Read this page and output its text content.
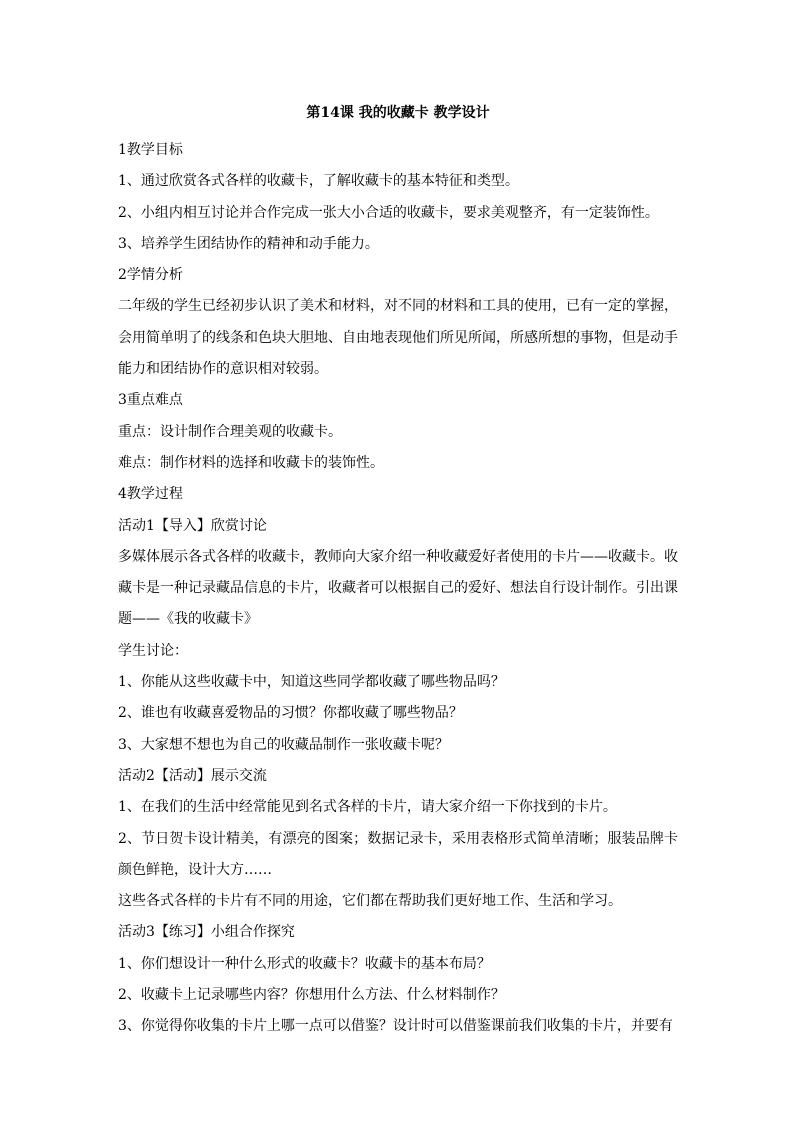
第14课 我的收藏卡 教学设计

1教学目标

1、通过欣赏各式各样的收藏卡，了解收藏卡的基本特征和类型。

2、小组内相互讨论并合作完成一张大小合适的收藏卡，要求美观整齐，有一定装饰性。

3、培养学生团结协作的精神和动手能力。

2学情分析

二年级的学生已经初步认识了美术和材料，对不同的材料和工具的使用，已有一定的掌握，会用简单明了的线条和色块大胆地、自由地表现他们所见所闻，所感所想的事物，但是动手能力和团结协作的意识相对较弱。

3重点难点

重点：设计制作合理美观的收藏卡。

难点：制作材料的选择和收藏卡的装饰性。

4教学过程

活动1【导入】欣赏讨论

多媒体展示各式各样的收藏卡，教师向大家介绍一种收藏爱好者使用的卡片——收藏卡。收藏卡是一种记录藏品信息的卡片，收藏者可以根据自己的爱好、想法自行设计制作。引出课题——《我的收藏卡》

学生讨论：

1、你能从这些收藏卡中，知道这些同学都收藏了哪些物品吗？

2、谁也有收藏喜爱物品的习惯？你都收藏了哪些物品？

3、大家想不想也为自己的收藏品制作一张收藏卡呢？

活动2【活动】展示交流

1、在我们的生活中经常能见到名式各样的卡片，请大家介绍一下你找到的卡片。

2、节日贺卡设计精美，有漂亮的图案；数据记录卡，采用表格形式简单清晰；服装品牌卡颜色鲜艳，设计大方……

这些各式各样的卡片有不同的用途，它们都在帮助我们更好地工作、生活和学习。

活动3【练习】小组合作探究

1、你们想设计一种什么形式的收藏卡？收藏卡的基本布局？

2、收藏卡上记录哪些内容？你想用什么方法、什么材料制作？

3、你觉得你收集的卡片上哪一点可以借鉴？设计时可以借鉴课前我们收集的卡片，并要有
